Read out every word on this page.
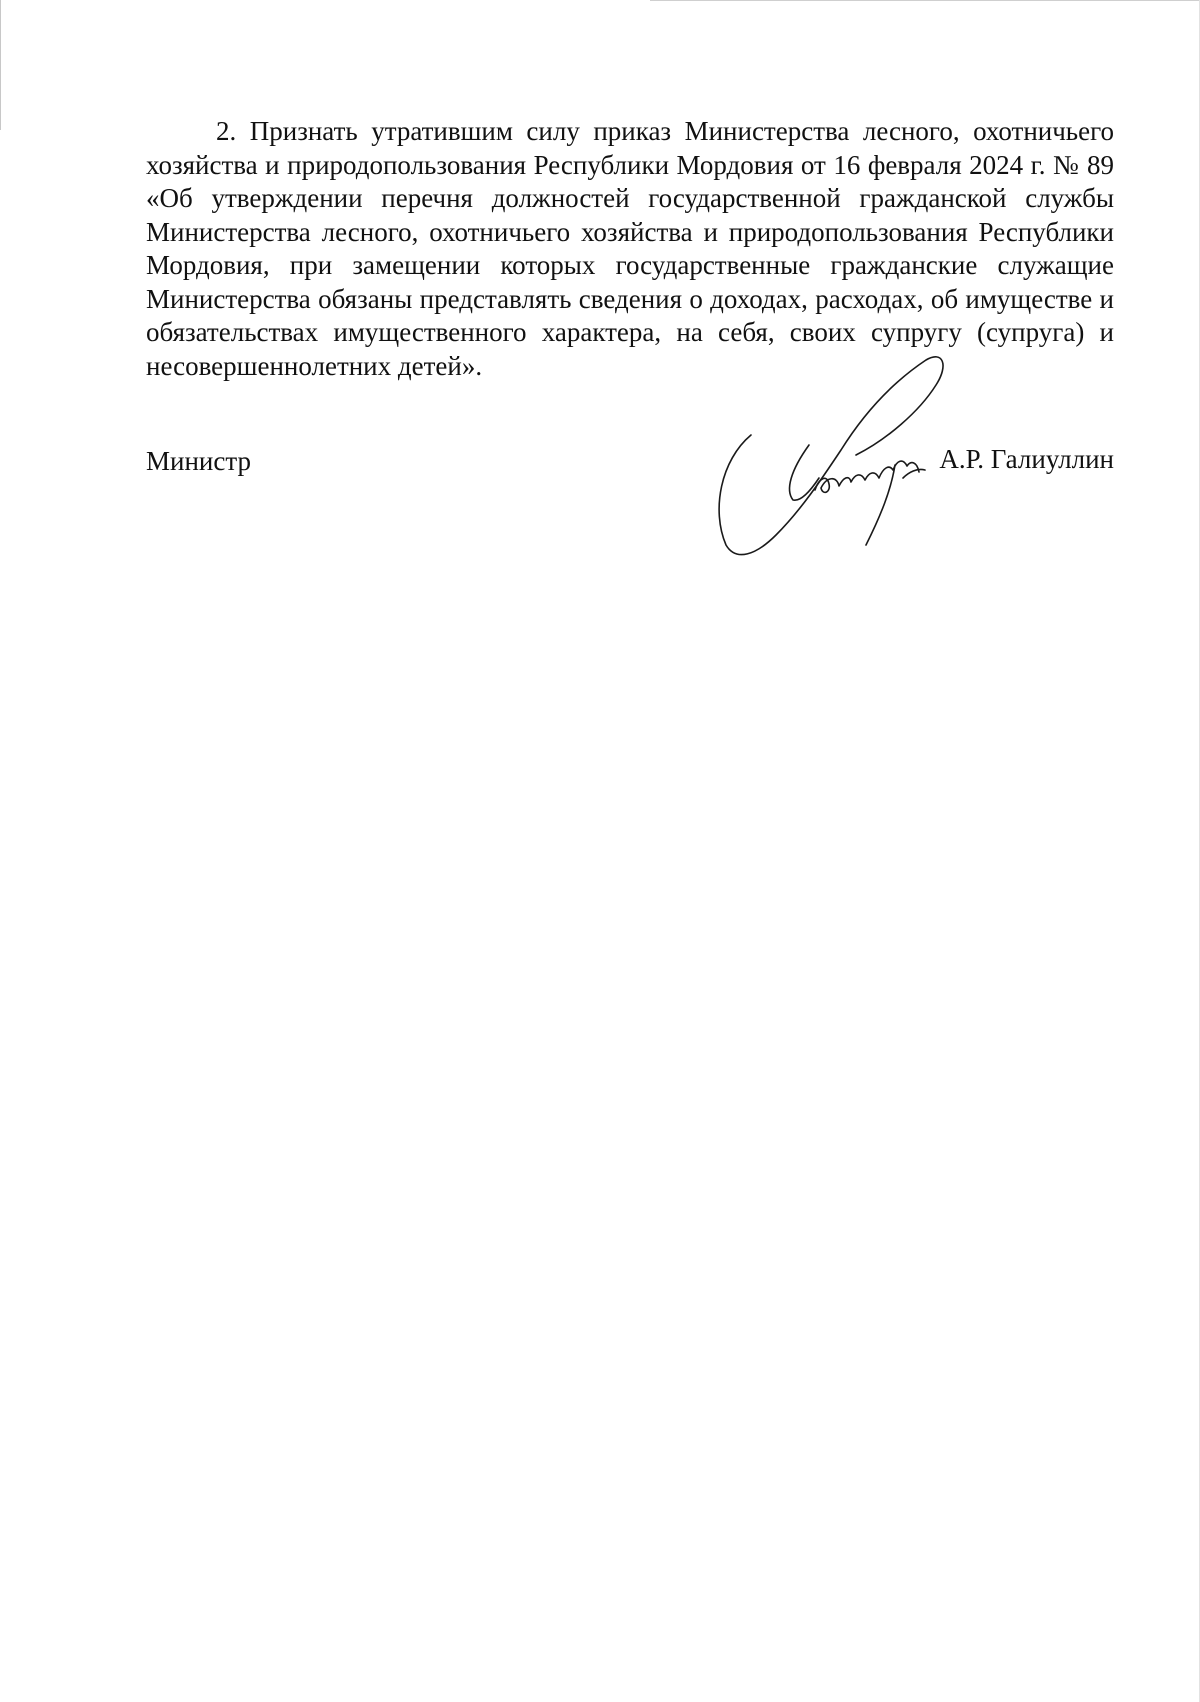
2. Признать утратившим силу приказ Министерства лесного, охотничьего хозяйства и природопользования Республики Мордовия от 16 февраля 2024 г. № 89 «Об утверждении перечня должностей государственной гражданской службы Министерства лесного, охотничьего хозяйства и природопользования Республики Мордовия, при замещении которых государственные гражданские служащие Министерства обязаны представлять сведения о доходах, расходах, об имуществе и обязательствах имущественного характера, на себя, своих супругу (супруга) и несовершеннолетних детей».

Министр	А.Р. Галиуллин
